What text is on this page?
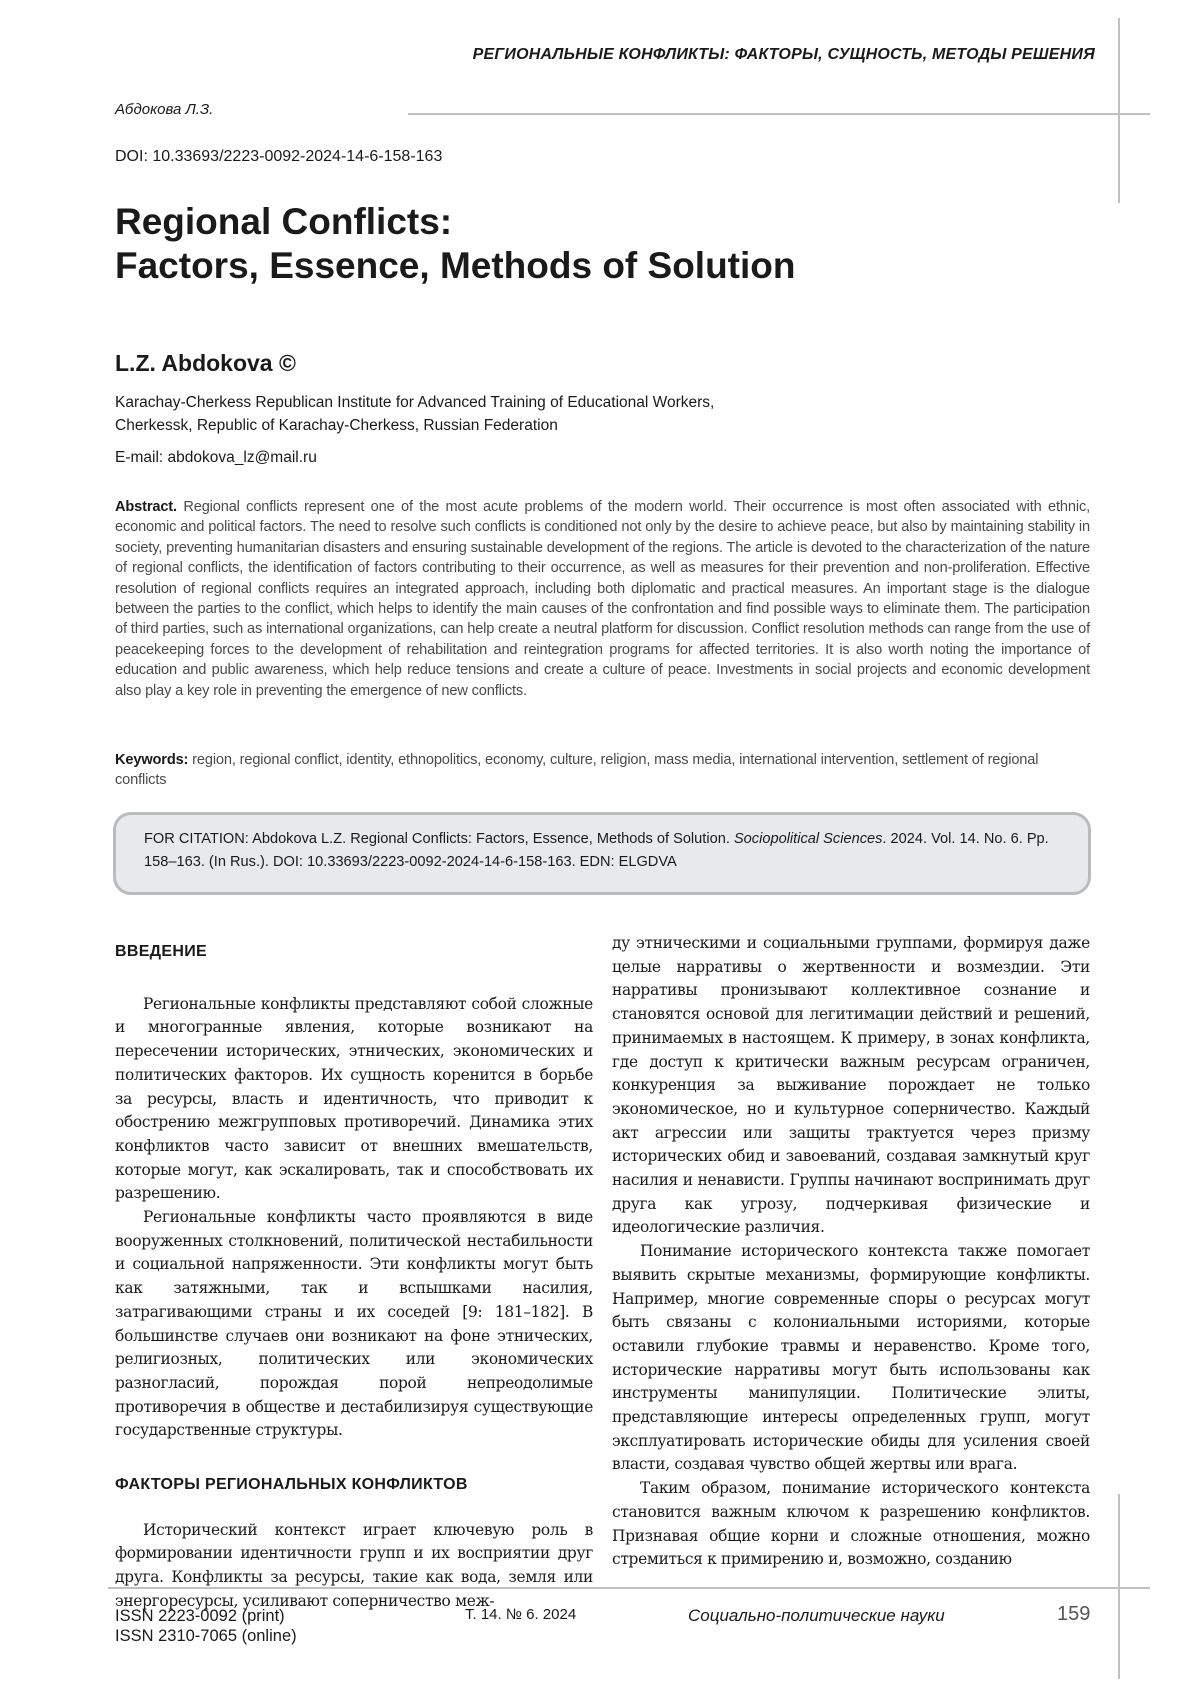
РЕГИОНАЛЬНЫЕ КОНФЛИКТЫ: ФАКТОРЫ, СУЩНОСТЬ, МЕТОДЫ РЕШЕНИЯ
Абдокова Л.З.
DOI: 10.33693/2223-0092-2024-14-6-158-163
Regional Conflicts:
Factors, Essence, Methods of Solution
L.Z. Abdokova ©
Karachay-Cherkess Republican Institute for Advanced Training of Educational Workers,
Cherkessk, Republic of Karachay-Cherkess, Russian Federation
E-mail: abdokova_lz@mail.ru
Abstract. Regional conflicts represent one of the most acute problems of the modern world. Their occurrence is most often associated with ethnic, economic and political factors. The need to resolve such conflicts is conditioned not only by the desire to achieve peace, but also by maintaining stability in society, preventing humanitarian disasters and ensuring sustainable development of the regions. The article is devoted to the characterization of the nature of regional conflicts, the identification of factors contributing to their occurrence, as well as measures for their prevention and non-proliferation. Effective resolution of regional conflicts requires an integrated approach, including both diplomatic and practical measures. An important stage is the dialogue between the parties to the conflict, which helps to identify the main causes of the confrontation and find possible ways to eliminate them. The participation of third parties, such as international organizations, can help create a neutral platform for discussion. Conflict resolution methods can range from the use of peacekeeping forces to the development of rehabilitation and reintegration programs for affected territories. It is also worth noting the importance of education and public awareness, which help reduce tensions and create a culture of peace. Investments in social projects and economic development also play a key role in preventing the emergence of new conflicts.
Keywords: region, regional conflict, identity, ethnopolitics, economy, culture, religion, mass media, international intervention, settlement of regional conflicts
FOR CITATION: Abdokova L.Z. Regional Conflicts: Factors, Essence, Methods of Solution. Sociopolitical Sciences. 2024. Vol. 14. No. 6. Pp. 158–163. (In Rus.). DOI: 10.33693/2223-0092-2024-14-6-158-163. EDN: ELGDVA
ВВЕДЕНИЕ

Региональные конфликты представляют собой сложные и многогранные явления, которые возникают на пересечении исторических, этнических, экономических и политических факторов. Их сущность коренится в борьбе за ресурсы, власть и идентичность, что приводит к обострению межгрупповых противоречий. Динамика этих конфликтов часто зависит от внешних вмешательств, которые могут, как эскалировать, так и способствовать их разрешению.

Региональные конфликты часто проявляются в виде вооруженных столкновений, политической нестабильности и социальной напряженности. Эти конфликты могут быть как затяжными, так и вспышками насилия, затрагивающими страны и их соседей [9: 181–182]. В большинстве случаев они возникают на фоне этнических, религиозных, политических или экономических разногласий, порождая порой непреодолимые противоречия в обществе и дестабилизируя существующие государственные структуры.

ФАКТОРЫ РЕГИОНАЛЬНЫХ КОНФЛИКТОВ

Исторический контекст играет ключевую роль в формировании идентичности групп и их восприятии друг друга. Конфликты за ресурсы, такие как вода, земля или энергоресурсы, усиливают соперничество меж-

ду этническими и социальными группами, формируя даже целые нарративы о жертвенности и возмездии. Эти нарративы пронизывают коллективное сознание и становятся основой для легитимации действий и решений, принимаемых в настоящем. К примеру, в зонах конфликта, где доступ к критически важным ресурсам ограничен, конкуренция за выживание порождает не только экономическое, но и культурное соперничество. Каждый акт агрессии или защиты трактуется через призму исторических обид и завоеваний, создавая замкнутый круг насилия и ненависти. Группы начинают воспринимать друг друга как угрозу, подчеркивая физические и идеологические различия.

Понимание исторического контекста также помогает выявить скрытые механизмы, формирующие конфликты. Например, многие современные споры о ресурсах могут быть связаны с колониальными историями, которые оставили глубокие травмы и неравенство. Кроме того, исторические нарративы могут быть использованы как инструменты манипуляции. Политические элиты, представляющие интересы определенных групп, могут эксплуатировать исторические обиды для усиления своей власти, создавая чувство общей жертвы или врага.

Таким образом, понимание исторического контекста становится важным ключом к разрешению конфликтов. Признавая общие корни и сложные отношения, можно стремиться к примирению и, возможно, созданию

ISSN 2223-0092 (print)
ISSN 2310-7065 (online)
Т. 14. № 6. 2024	Социально-политические науки	159
